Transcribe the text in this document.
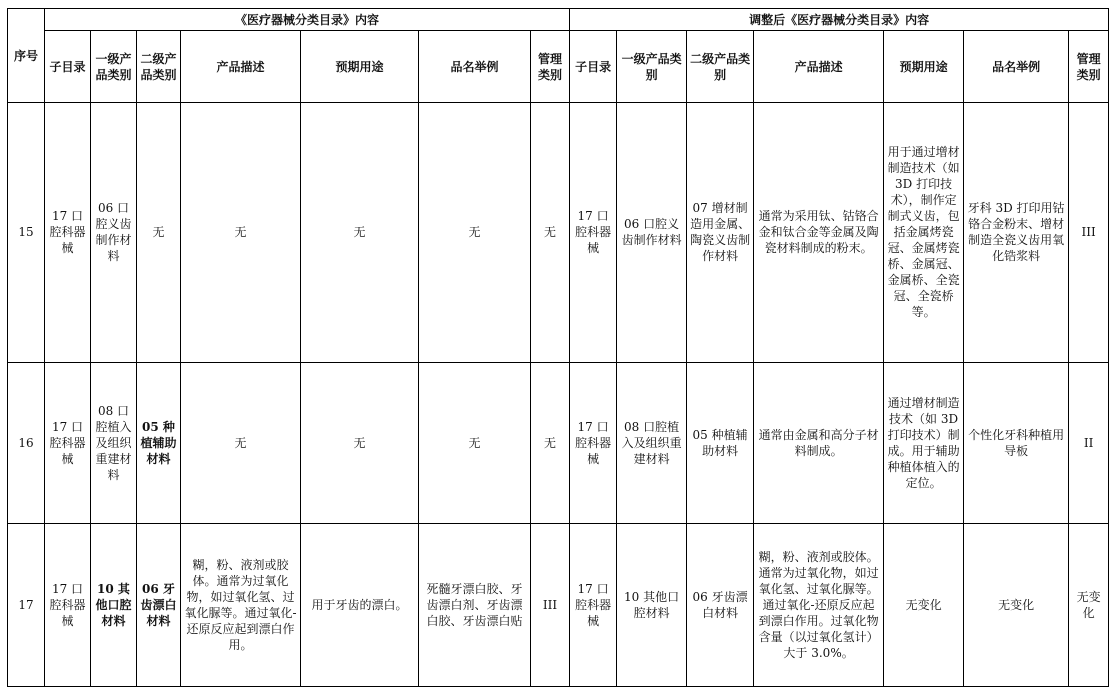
序号	《医疗器械分类目录》内容							调整后《医疗器械分类目录》内容						
	子目录	一级产品类别	二级产品类别	产品描述	预期用途	品名举例	管理类别	子目录	一级产品类别	二级产品类别	产品描述	预期用途	品名举例	管理类别
15	17 口腔科器械	06 口腔义齿制作材料	无	无	无	无	无	17 口腔科器械	06 口腔义齿制作材料	07 增材制造用金属、陶瓷义齿制作材料	通常为采用钛、钴铬合金和钛合金等金属及陶瓷材料制成的粉末。	用于通过增材制造技术（如 3D 打印技术），制作定制式义齿，包括金属烤瓷冠、金属烤瓷桥、金属冠、金属桥、全瓷冠、全瓷桥等。	牙科 3D 打印用钴铬合金粉末、增材制造全瓷义齿用氧化锆浆料	III
16	17 口腔科器械	08 口腔植入及组织重建材料	05 种植辅助材料	无	无	无	无	17 口腔科器械	08 口腔植入及组织重建材料	05 种植辅助材料	通常由金属和高分子材料制成。	通过增材制造技术（如 3D 打印技术）制成。用于辅助种植体植入的定位。	个性化牙科种植用导板	II
17	17 口腔科器械	10 其他口腔材料	06 牙齿漂白材料	糊，粉、液剂或胶体。通常为过氧化物，如过氧化氢、过氧化脲等。通过氧化-还原反应起到漂白作用。	用于牙齿的漂白。	死髓牙漂白胶、牙齿漂白剂、牙齿漂白胶、牙齿漂白贴	III	17 口腔科器械	10 其他口腔材料	06 牙齿漂白材料	糊，粉、液剂或胶体。通常为过氧化物，如过氧化氢、过氧化脲等。通过氧化-还原反应起到漂白作用。过氧化物含量（以过氧化氢计）大于 3.0%。	无变化	无变化	无变化
